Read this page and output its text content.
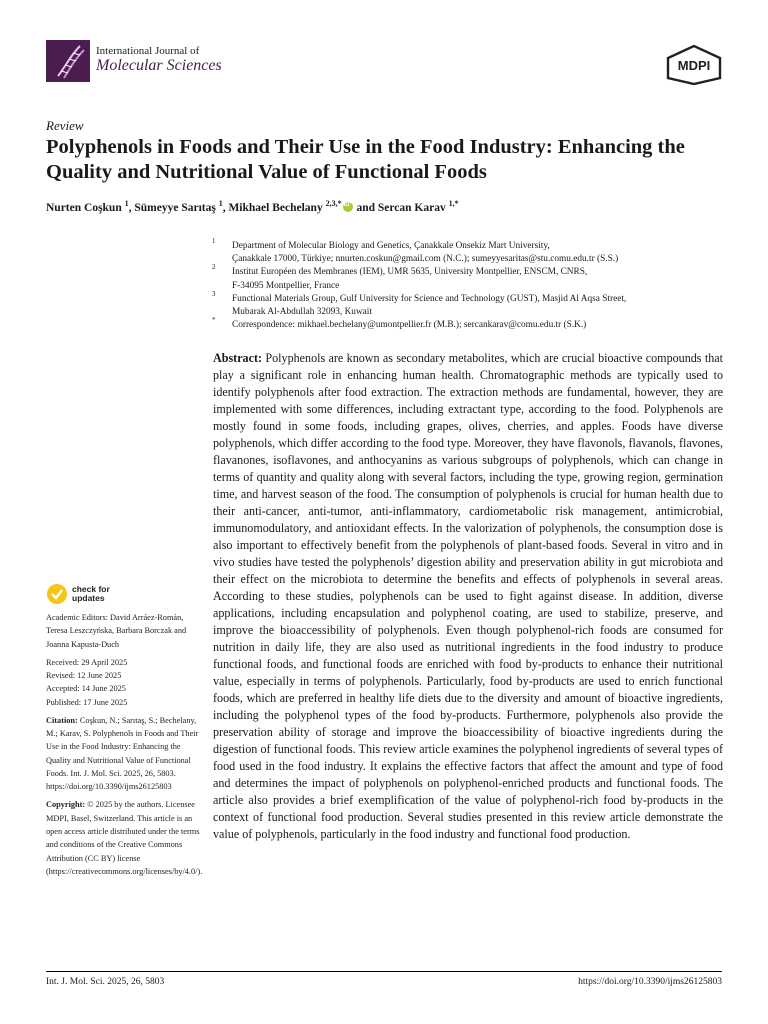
International Journal of
Molecular Sciences	MDPI
Review
Polyphenols in Foods and Their Use in the Food Industry: Enhancing the Quality and Nutritional Value of Functional Foods
Nurten Coşkun $^1$, Sümeyye Sarıtaş $^1$, Mikhael Bechelany $^{2,3,*}$iD and Sercan Karav $^{1,*}$
1 Department of Molecular Biology and Genetics, Çanakkale Onsekiz Mart University,
Çanakkale 17000, Türkiye; nnurten.coskun@gmail.com (N.C.); sumeyyesaritas@stu.comu.edu.tr (S.S.)
2 Institut Européen des Membranes (IEM), UMR 5635, University Montpellier, ENSCM, CNRS,
F-34095 Montpellier, France
3 Functional Materials Group, Gulf University for Science and Technology (GUST), Masjid Al Aqsa Street,
Mubarak Al-Abdullah 32093, Kuwait
* Correspondence: mikhael.bechelany@umontpellier.fr (M.B.); sercankarav@comu.edu.tr (S.K.)
Abstract: Polyphenols are known as secondary metabolites, which are crucial bioactive compounds that play a significant role in enhancing human health. Chromatographic methods are typically used to identify polyphenols after food extraction. The extraction methods are fundamental, however, they are implemented with some differences, including extractant type, according to the food. Polyphenols are mostly found in some foods, including grapes, olives, cherries, and apples. Foods have diverse polyphenols, which differ according to the food type. Moreover, they have flavonols, flavanols, flavones, flavanones, isoflavones, and anthocyanins as various subgroups of polyphenols, which can change in terms of quantity and quality along with several factors, including the type, growing region, germination time, and harvest season of the food. The consumption of polyphenols is crucial for human health due to their anti-cancer, anti-tumor, anti-inflammatory, cardiometabolic risk management, antimicrobial, immunomodulatory, and antioxidant effects. In the valorization of polyphenols, the consumption dose is also important to effectively benefit from the polyphenols of plant-based foods. Several in vitro and in vivo studies have tested the polyphenols’ digestion ability and preservation ability in gut microbiota and their effect on the microbiota to determine the benefits and effects of polyphenols in several areas. According to these studies, polyphenols can be used to fight against disease. In addition, diverse applications, including encapsulation and polyphenol coating, are used to stabilize, preserve, and improve the bioaccessibility of polyphenols. Even though polyphenol-rich foods are consumed for nutrition in daily life, they are also used as nutritional ingredients in the food industry to produce functional foods, and functional foods are enriched with food by-products to enhance their nutritional value, especially in terms of polyphenols. Particularly, food by-products are used to enrich functional foods, which are preferred in healthy life diets due to the diversity and amount of bioactive ingredients, including the polyphenol types of the food by-products. Furthermore, polyphenols also provide the preservation ability of storage and improve the bioaccessibility of bioactive ingredients during the digestion of functional foods. This review article examines the polyphenol ingredients of several types of food used in the food industry. It explains the effective factors that affect the amount and type of food and determines the impact of polyphenols on polyphenol-enriched products and functional foods. The article also provides a brief exemplification of the value of polyphenol-rich food by-products in the context of functional food production. Several studies presented in this review article demonstrate the value of polyphenols, particularly in the food industry and functional food production.
check for
updates
Academic Editors: David Arráez-Román, Teresa Leszczyńska, Barbara Borczak and Joanna Kapusta-Duch
Received: 29 April 2025
Revised: 12 June 2025
Accepted: 14 June 2025
Published: 17 June 2025
Citation: Coşkun, N.; Sarıtaş, S.; Bechelany, M.; Karav, S. Polyphenols in Foods and Their Use in the Food Industry: Enhancing the Quality and Nutritional Value of Functional Foods. Int. J. Mol. Sci. 2025, 26, 5803. https://doi.org/10.3390/ijms26125803
Copyright: © 2025 by the authors. Licensee MDPI, Basel, Switzerland. This article is an open access article distributed under the terms and conditions of the Creative Commons Attribution (CC BY) license (https://creativecommons.org/licenses/by/4.0/).
Int. J. Mol. Sci. 2025, 26, 5803	https://doi.org/10.3390/ijms26125803
